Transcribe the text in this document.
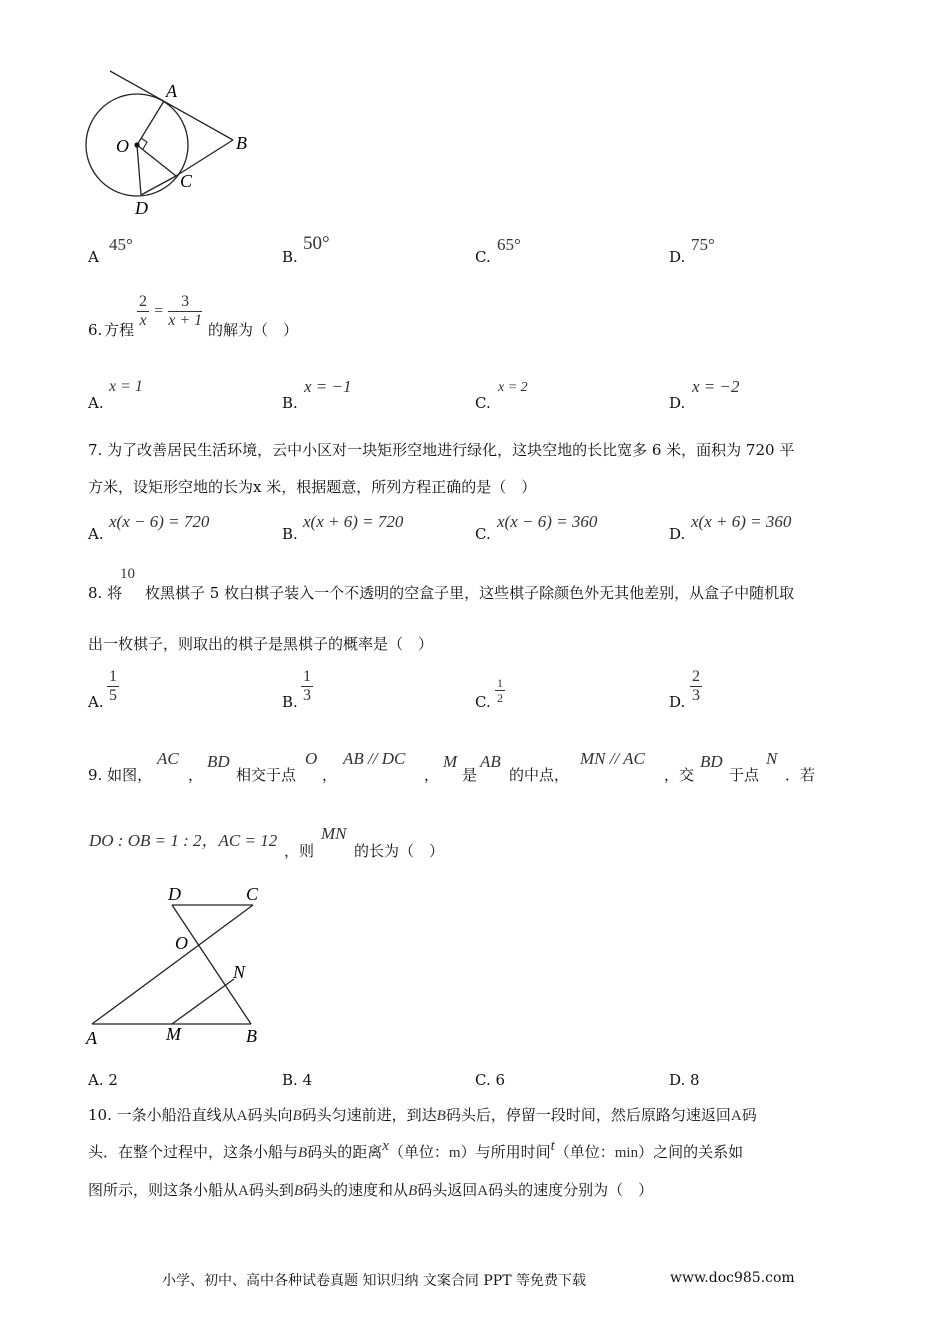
A
B
O
C
D
A
45°
B.
50°
C.
65°
D.
75°
6. 方程 $\frac{2}{x} = \frac{3}{x + 1}$ 的解为（　）
A.
x = 1
B.
x = −1
C.
x = 2
D.
x = −2
7. 为了改善居民生活环境，云中小区对一块矩形空地进行绿化，这块空地的长比宽多 6 米，面积为 720 平
方米，设矩形空地的长为x 米，根据题意，所列方程正确的是（　）
A.
x(x − 6) = 720
B.
x(x + 6) = 720
C.
x(x − 6) = 360
D.
x(x + 6) = 360
8. 将
10
枚黑棋子 5 枚白棋子装入一个不透明的空盒子里，这些棋子除颜色外无其他差别，从盒子中随机取
出一枚棋子，则取出的棋子是黑棋子的概率是（　）
A. $\frac{1}{5}$	B. $\frac{1}{3}$	C. $\frac{1}{2}$	D. $\frac{2}{3}$
9. 如图，
AC
，
BD
相交于点
O
，
AB // DC
，
M
是
AB
的中点，
MN // AC
，交
BD
于点
N
．若
DO : OB = 1 : 2，AC = 12
，则
MN
的长为（　）
D	C
O
N
A	M	B
A. 2	B. 4	C. 6	D. 8
10. 一条小船沿直线从A码头向B码头匀速前进，到达B码头后，停留一段时间，然后原路匀速返回A码
头．在整个过程中，这条小船与B码头的距离x（单位：m）与所用时间t（单位：min）之间的关系如
图所示，则这条小船从A码头到B码头的速度和从B码头返回A码头的速度分别为（　）
小学、初中、高中各种试卷真题 知识归纳 文案合同 PPT 等免费下载	www.doc985.com
